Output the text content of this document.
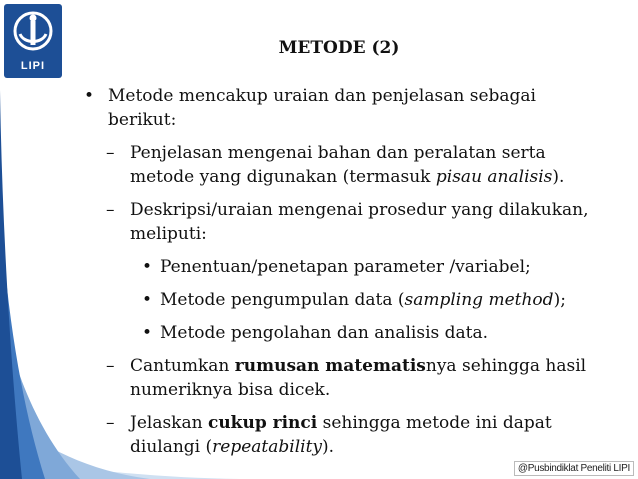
LIPI
METODE (2)
• Metode mencakup uraian dan penjelasan sebagai berikut:
– Penjelasan mengenai bahan dan peralatan serta metode yang digunakan (termasuk pisau analisis).
– Deskripsi/uraian mengenai prosedur yang dilakukan, meliputi:
• Penentuan/penetapan parameter /variabel;
• Metode pengumpulan data (sampling method);
• Metode pengolahan dan analisis data.
– Cantumkan rumusan matematisnya sehingga hasil numeriknya bisa dicek.
– Jelaskan cukup rinci sehingga metode ini dapat diulangi (repeatability).
@Pusbindiklat Peneliti LIPI
